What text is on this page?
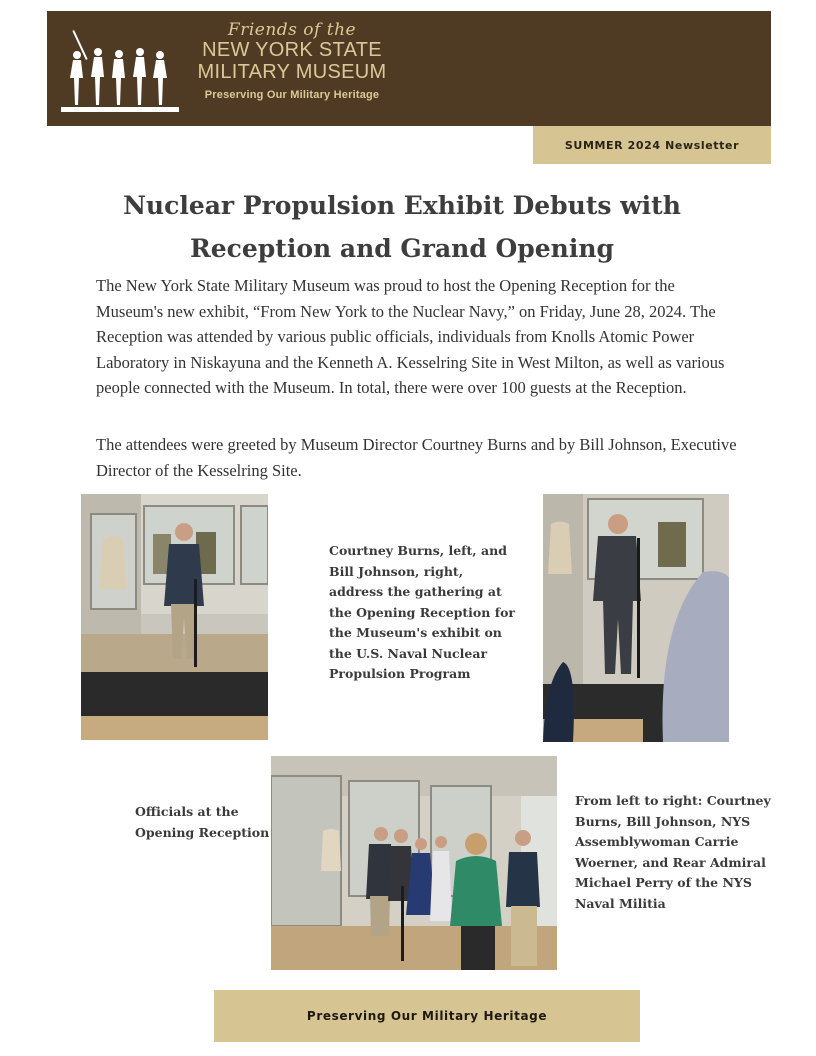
Friends of the
NEW YORK STATE
MILITARY MUSEUM
Preserving Our Military Heritage
SUMMER 2024 Newsletter
Nuclear Propulsion Exhibit Debuts with Reception and Grand Opening

The New York State Military Museum was proud to host the Opening Reception for the Museum's new exhibit, “From New York to the Nuclear Navy,” on Friday, June 28, 2024. The Reception was attended by various public officials, individuals from Knolls Atomic Power Laboratory in Niskayuna and the Kenneth A. Kesselring Site in West Milton, as well as various people connected with the Museum. In total, there were over 100 guests at the Reception.

The attendees were greeted by Museum Director Courtney Burns and by Bill Johnson, Executive Director of the Kesselring Site.

Courtney Burns, left, and Bill Johnson, right, address the gathering at the Opening Reception for the Museum's exhibit on the U.S. Naval Nuclear Propulsion Program

Officials at the Opening Reception

From left to right: Courtney Burns, Bill Johnson, NYS Assemblywoman Carrie Woerner, and Rear Admiral Michael Perry of the NYS Naval Militia

Preserving Our Military Heritage
